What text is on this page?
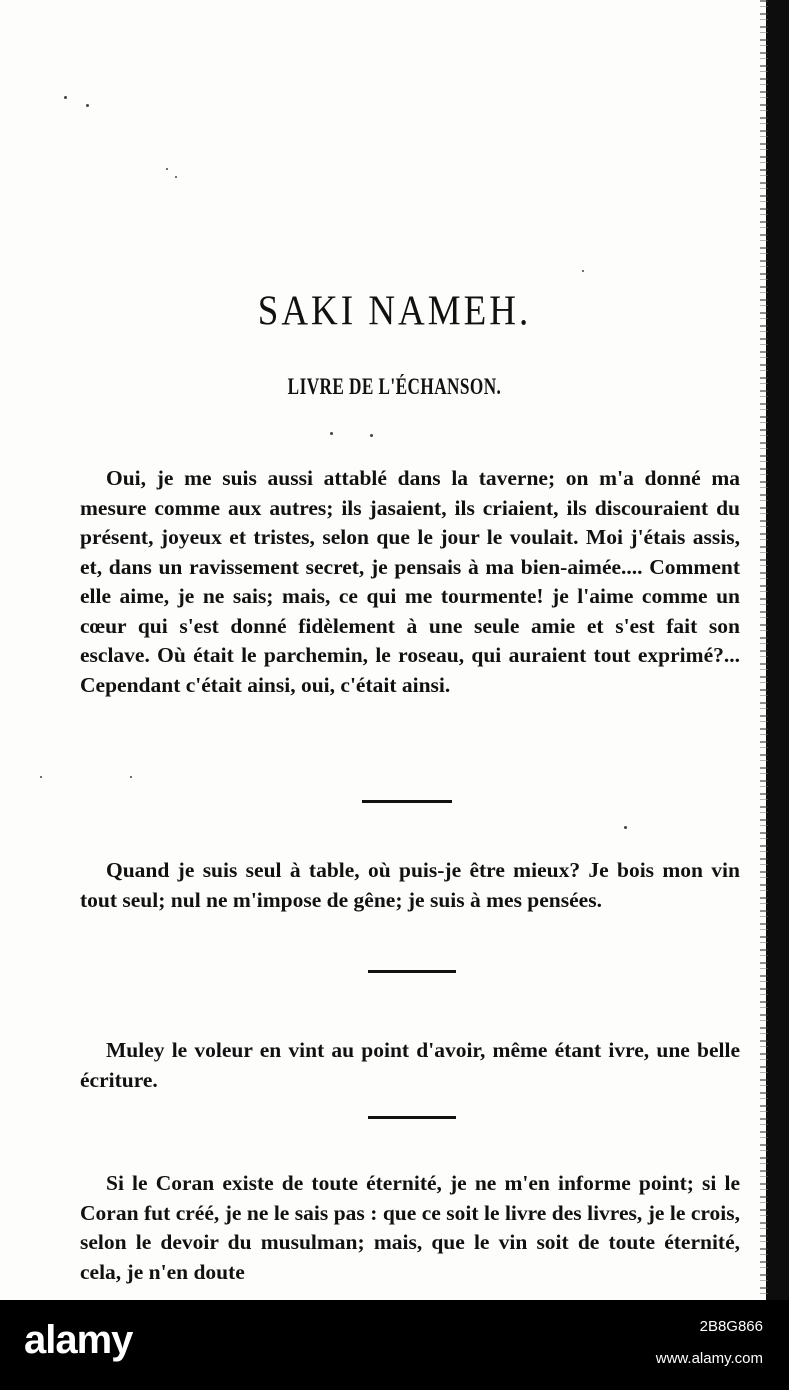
SAKI NAMEH.
LIVRE DE L'ÉCHANSON.

Oui, je me suis aussi attablé dans la taverne; on m'a donné ma mesure comme aux autres; ils jasaient, ils criaient, ils discouraient du présent, joyeux et tristes, selon que le jour le voulait. Moi j'étais assis, et, dans un ravissement secret, je pensais à ma bien-aimée.... Comment elle aime, je ne sais; mais, ce qui me tourmente! je l'aime comme un cœur qui s'est donné fidèlement à une seule amie et s'est fait son esclave. Où était le parchemin, le roseau, qui auraient tout exprimé?... Cependant c'était ainsi, oui, c'était ainsi.

Quand je suis seul à table, où puis-je être mieux? Je bois mon vin tout seul; nul ne m'impose de gêne; je suis à mes pensées.

Muley le voleur en vint au point d'avoir, même étant ivre, une belle écriture.

Si le Coran existe de toute éternité, je ne m'en informe point; si le Coran fut créé, je ne le sais pas : que ce soit le livre des livres, je le crois, selon le devoir du musulman; mais, que le vin soit de toute éternité, cela, je n'en doute

alamy	2B8G866
www.alamy.com
